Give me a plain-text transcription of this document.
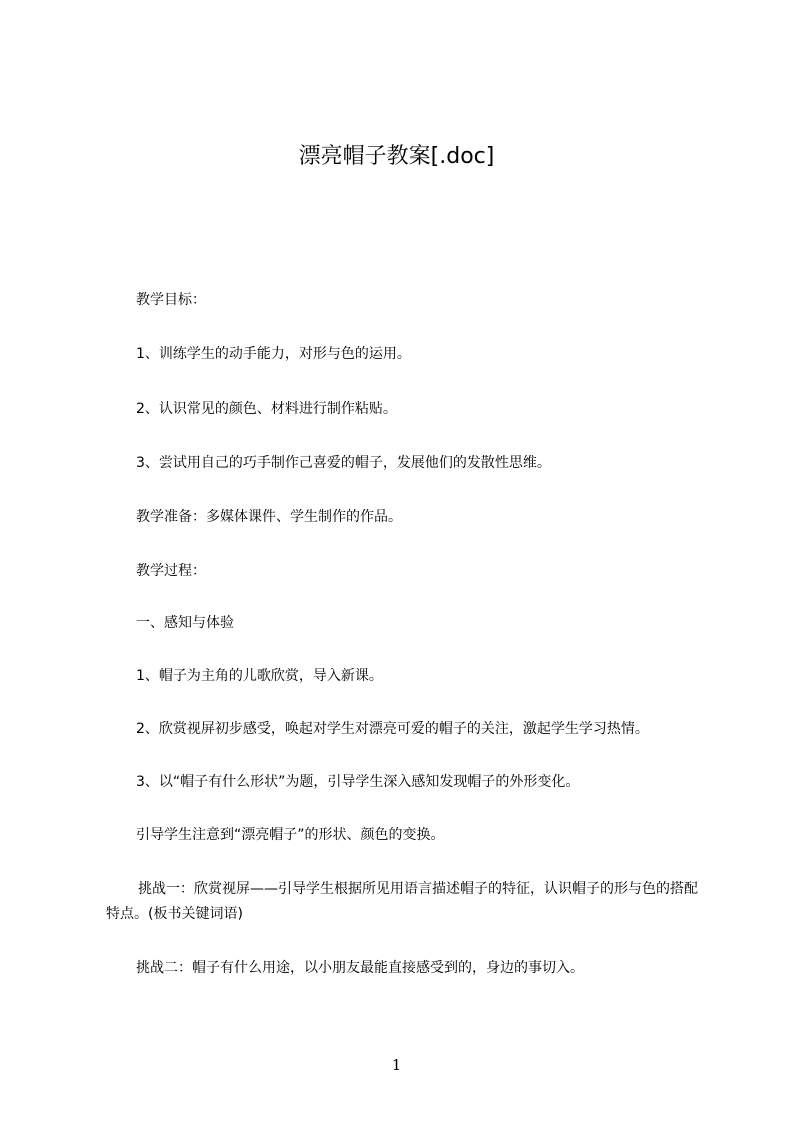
漂亮帽子教案[.doc]
教学目标：
1、训练学生的动手能力，对形与色的运用。
2、认识常见的颜色、材料进行制作粘贴。
3、尝试用自己的巧手制作己喜爱的帽子，发展他们的发散性思维。
教学准备：多媒体课件、学生制作的作品。
教学过程：
一、感知与体验
1、帽子为主角的儿歌欣赏，导入新课。
2、欣赏视屏初步感受，唤起对学生对漂亮可爱的帽子的关注，激起学生学习热情。
3、以“帽子有什么形状”为题，引导学生深入感知发现帽子的外形变化。
引导学生注意到“漂亮帽子”的形状、颜色的变换。
挑战一：欣赏视屏——引导学生根据所见用语言描述帽子的特征，认识帽子的形与色的搭配特点。(板书关键词语)
挑战二：帽子有什么用途，以小朋友最能直接感受到的，身边的事切入。
1
